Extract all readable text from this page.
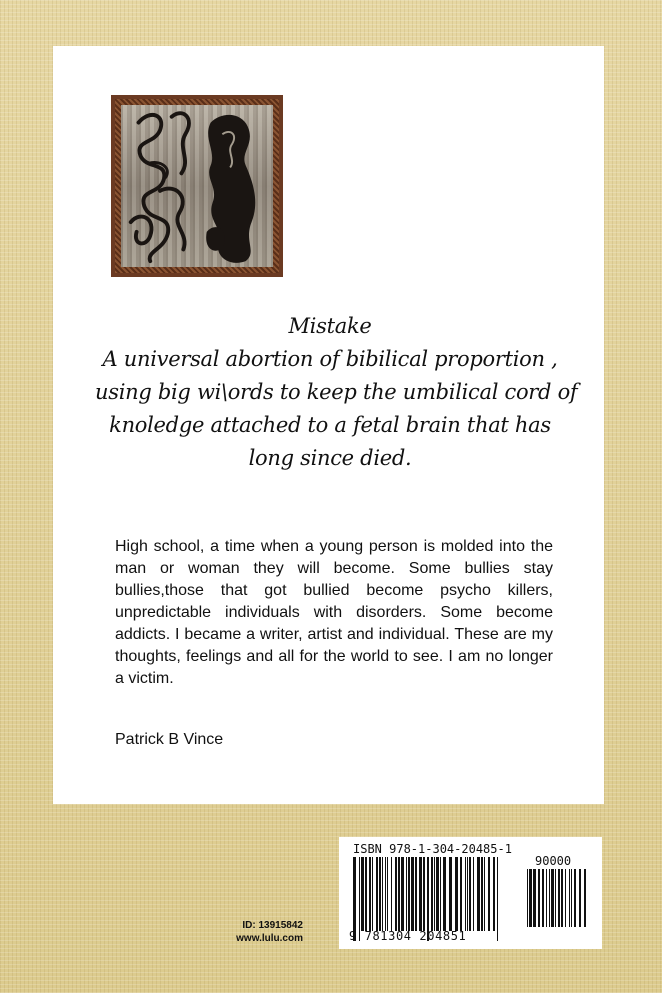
Mistake
A universal abortion of bibilical proportion ,
using big wi\ords to keep the umbilical cord of
knoledge attached to a fetal brain that has
long since died.

High school, a time when a young person is molded into the man or woman they will become. Some bullies stay bullies,those that got bullied become psycho killers, unpredictable individuals with disorders. Some become addicts. I became a writer, artist and individual. These are my thoughts, feelings and all for the world to see. I am no longer a victim.

Patrick B Vince
ID: 13915842
www.lulu.com
ISBN 978-1-304-20485-1
90000
9 781304 204851
